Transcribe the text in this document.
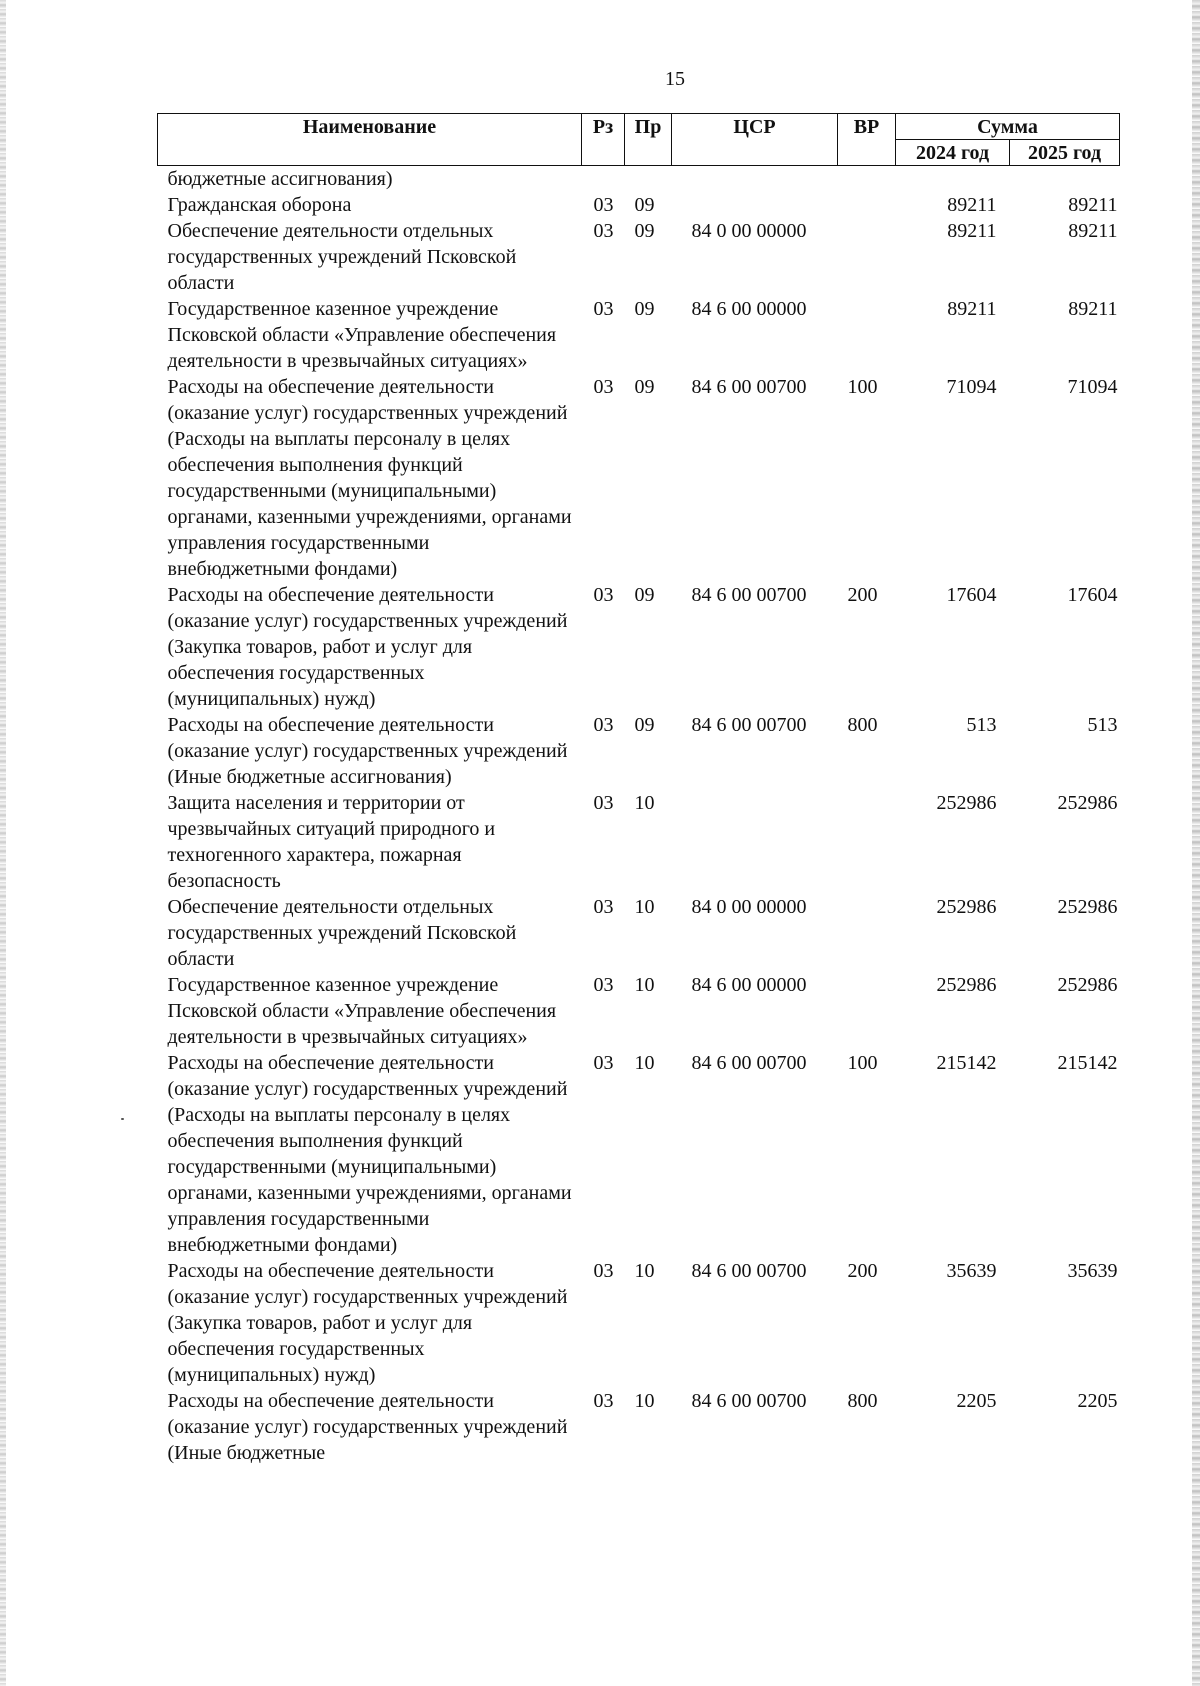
15
Наименование	Рз	Пр	ЦСР	ВР	Сумма	
					2024 год	2025 год
бюджетные ассигнования)						
Гражданская оборона	03	09			89211	89211
Обеспечение деятельности отдельных государственных учреждений Псковской области	03	09	84 0 00 00000		89211	89211
Государственное казенное учреждение Псковской области «Управление обеспечения деятельности в чрезвычайных ситуациях»	03	09	84 6 00 00000		89211	89211
Расходы на обеспечение деятельности (оказание услуг) государственных учреждений (Расходы на выплаты персоналу в целях обеспечения выполнения функций государственными (муниципальными) органами, казенными учреждениями, органами управления государственными внебюджетными фондами)	03	09	84 6 00 00700	100	71094	71094
Расходы на обеспечение деятельности (оказание услуг) государственных учреждений (Закупка товаров, работ и услуг для обеспечения государственных (муниципальных) нужд)	03	09	84 6 00 00700	200	17604	17604
Расходы на обеспечение деятельности (оказание услуг) государственных учреждений (Иные бюджетные ассигнования)	03	09	84 6 00 00700	800	513	513
Защита населения и территории от чрезвычайных ситуаций природного и техногенного характера, пожарная безопасность	03	10			252986	252986
Обеспечение деятельности отдельных государственных учреждений Псковской области	03	10	84 0 00 00000		252986	252986
Государственное казенное учреждение Псковской области «Управление обеспечения деятельности в чрезвычайных ситуациях»	03	10	84 6 00 00000		252986	252986
Расходы на обеспечение деятельности (оказание услуг) государственных учреждений (Расходы на выплаты персоналу в целях обеспечения выполнения функций государственными (муниципальными) органами, казенными учреждениями, органами управления государственными внебюджетными фондами)	03	10	84 6 00 00700	100	215142	215142
Расходы на обеспечение деятельности (оказание услуг) государственных учреждений (Закупка товаров, работ и услуг для обеспечения государственных (муниципальных) нужд)	03	10	84 6 00 00700	200	35639	35639
Расходы на обеспечение деятельности (оказание услуг) государственных учреждений (Иные бюджетные	03	10	84 6 00 00700	800	2205	2205
